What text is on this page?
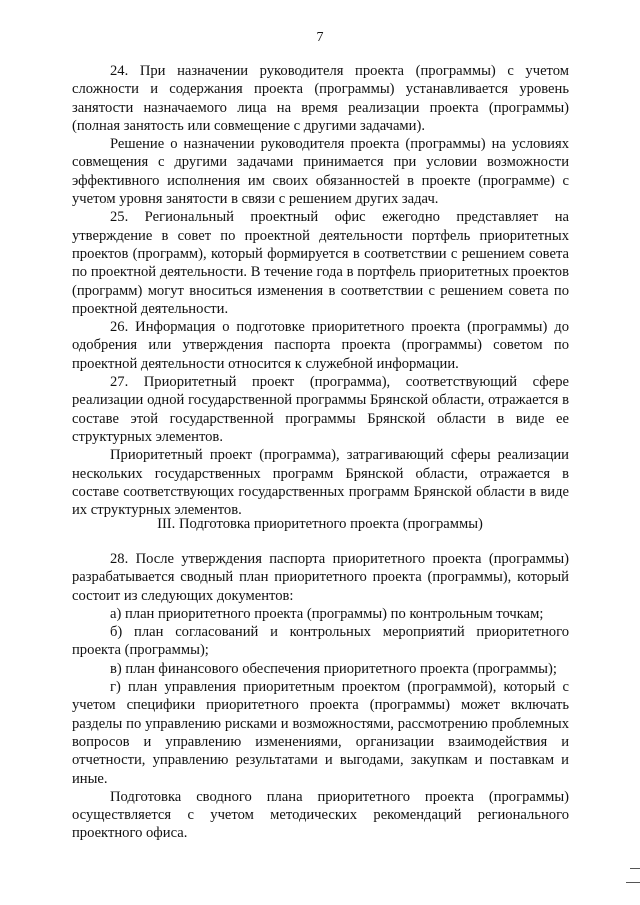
7

24. При назначении руководителя проекта (программы) с учетом сложности и содержания проекта (программы) устанавливается уровень занятости назначаемого лица на время реализации проекта (программы) (полная занятость или совмещение с другими задачами).

Решение о назначении руководителя проекта (программы) на условиях совмещения с другими задачами принимается при условии возможности эффективного исполнения им своих обязанностей в проекте (программе) с учетом уровня занятости в связи с решением других задач.

25. Региональный проектный офис ежегодно представляет на утверждение в совет по проектной деятельности портфель приоритетных проектов (программ), который формируется в соответствии с решением совета по проектной деятельности. В течение года в портфель приоритетных проектов (программ) могут вноситься изменения в соответствии с решением совета по проектной деятельности.

26. Информация о подготовке приоритетного проекта (программы) до одобрения или утверждения паспорта проекта (программы) советом по проектной деятельности относится к служебной информации.

27. Приоритетный проект (программа), соответствующий сфере реализации одной государственной программы Брянской области, отражается в составе этой государственной программы Брянской области в виде ее структурных элементов.

Приоритетный проект (программа), затрагивающий сферы реализации нескольких государственных программ Брянской области, отражается в составе соответствующих государственных программ Брянской области в виде их структурных элементов.

III. Подготовка приоритетного проекта (программы)

28. После утверждения паспорта приоритетного проекта (программы) разрабатывается сводный план приоритетного проекта (программы), который состоит из следующих документов:

а) план приоритетного проекта (программы) по контрольным точкам;

б) план согласований и контрольных мероприятий приоритетного проекта (программы);

в) план финансового обеспечения приоритетного проекта (программы);

г) план управления приоритетным проектом (программой), который с учетом специфики приоритетного проекта (программы) может включать разделы по управлению рисками и возможностями, рассмотрению проблемных вопросов и управлению изменениями, организации взаимодействия и отчетности, управлению результатами и выгодами, закупкам и поставкам и иные.

Подготовка сводного плана приоритетного проекта (программы) осуществляется с учетом методических рекомендаций регионального проектного офиса.
